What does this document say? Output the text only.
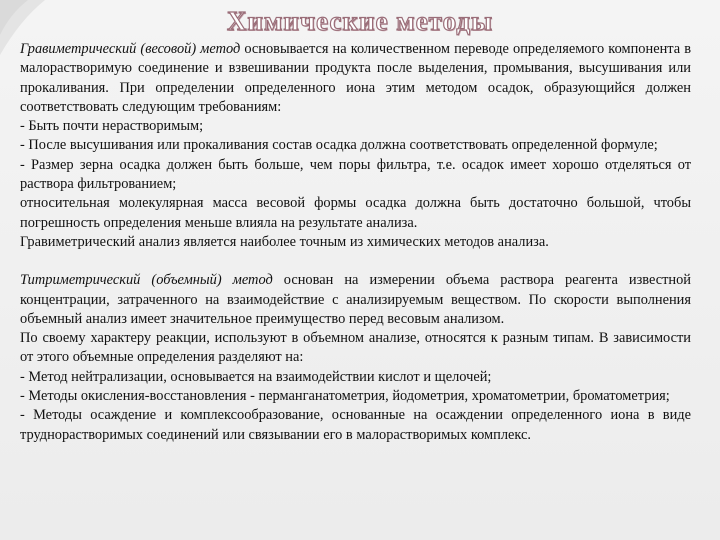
Химические методы

Гравиметрический (весовой) метод основывается на количественном переводе определяемого компонента в малорастворимую соединение и взвешивании продукта после выделения, промывания, высушивания или прокаливания. При определении определенного иона этим методом осадок, образующийся должен соответствовать следующим требованиям:

- Быть почти нерастворимым;

- После высушивания или прокаливания состав осадка должна соответствовать определенной формуле;

- Размер зерна осадка должен быть больше, чем поры фильтра, т.е. осадок имеет хорошо отделяться от раствора фильтрованием;

относительная молекулярная масса весовой формы осадка должна быть достаточно большой, чтобы погрешность определения меньше влияла на результате анализа.

Гравиметрический анализ является наиболее точным из химических методов анализа.

Титриметрический (объемный) метод основан на измерении объема раствора реагента известной концентрации, затраченного на взаимодействие с анализируемым веществом. По скорости выполнения объемный анализ имеет значительное преимущество перед весовым анализом.

По своему характеру реакции, используют в объемном анализе, относятся к разным типам. В зависимости от этого объемные определения разделяют на:

- Метод нейтрализации, основывается на взаимодействии кислот и щелочей;

- Методы окисления-восстановления - перманганатометрия, йодометрия, хроматометрии, броматометрия;

- Методы осаждение и комплексообразование, основанные на осаждении определенного иона в виде труднорастворимых соединений или связывании его в малорастворимых комплекс.
